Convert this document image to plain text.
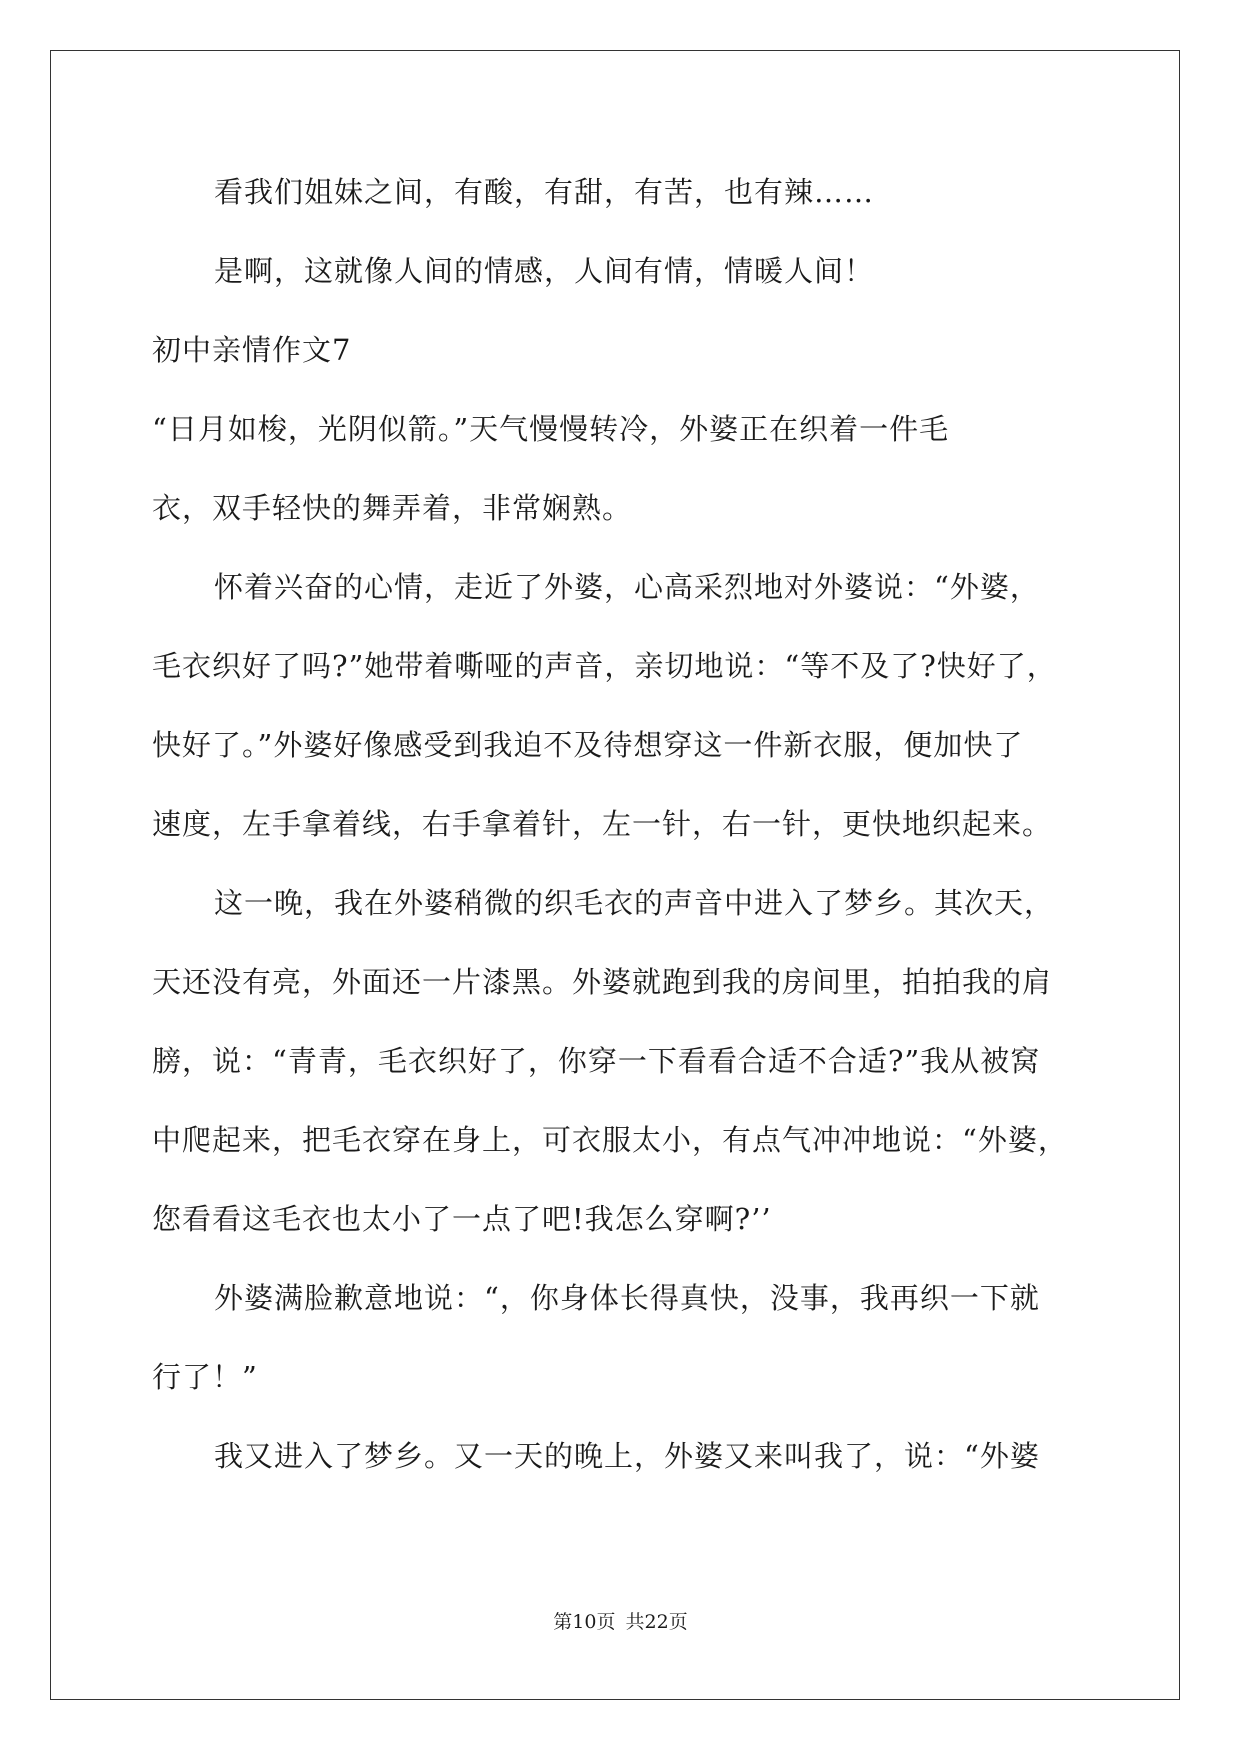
看我们姐妹之间，有酸，有甜，有苦，也有辣……
是啊，这就像人间的情感，人间有情，情暖人间！
初中亲情作文7
“日月如梭，光阴似箭。”天气慢慢转冷，外婆正在织着一件毛
衣，双手轻快的舞弄着，非常娴熟。
怀着兴奋的心情，走近了外婆，心高采烈地对外婆说：“外婆，
毛衣织好了吗?”她带着嘶哑的声音，亲切地说：“等不及了?快好了，
快好了。”外婆好像感受到我迫不及待想穿这一件新衣服，便加快了
速度，左手拿着线，右手拿着针，左一针，右一针，更快地织起来。
这一晚，我在外婆稍微的织毛衣的声音中进入了梦乡。其次天，
天还没有亮，外面还一片漆黑。外婆就跑到我的房间里，拍拍我的肩
膀，说：“青青，毛衣织好了，你穿一下看看合适不合适?”我从被窝
中爬起来，把毛衣穿在身上，可衣服太小，有点气冲冲地说：“外婆，
您看看这毛衣也太小了一点了吧!我怎么穿啊?’’
外婆满脸歉意地说：“，你身体长得真快，没事，我再织一下就
行了！”
我又进入了梦乡。又一天的晚上，外婆又来叫我了，说：“外婆
第10页 共22页
